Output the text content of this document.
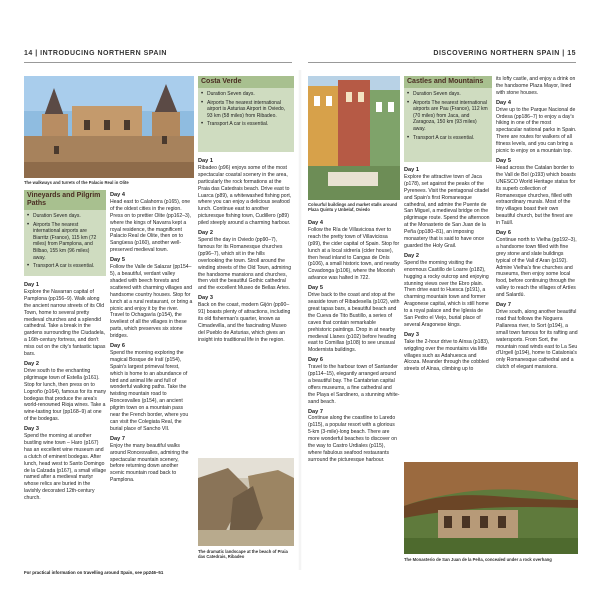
14 | INTRODUCING NORTHERN SPAIN	DISCOVERING NORTHERN SPAIN | 15
The walkways and turrets of the Palacio Real in Olite
Vineyards and Pilgrim Paths
• Duration Seven days.
• Airports The nearest international airports are Biarritz (France), 115 km (72 miles) from Pamplona, and Bilbao, 155 km (96 miles) away.
• Transport A car is essential.
Day 1

Explore the Navarran capital of Pamplona (pp156–9). Walk along the ancient narrow streets of its Old Town, home to several pretty medieval churches and a splendid cathedral. Take a break in the gardens surrounding the Ciudadela, a 16th-century fortress, and don't miss out on the city's fantastic tapas bars.

Day 2

Drive south to the enchanting pilgrimage town of Estella (p161). Stop for lunch, then press on to Logroño (p164), famous for its many bodegas that produce the area's world-renowned Rioja wines. Take a wine-tasting tour (pp168–9) at one of the bodegas.

Day 3

Spend the morning at another bustling wine town – Haro (p167) has an excellent wine museum and a clutch of eminent bodegas. After lunch, head west to Santo Domingo de la Calzada (p167), a small village named after a medieval martyr whose relics are buried in the lavishly decorated 12th-century church.

Day 4

Head east to Calahorra (p165), one of the oldest cities in the region. Press on to prettier Olite (pp162–3), where the kings of Navarra kept a royal residence, the magnificent Palacio Real de Olite, then on to Sangüesa (p160), another well-preserved medieval town.

Day 5

Follow the Valle de Salazar (pp154–5), a beautiful, verdant valley shaded with beech forests and scattered with charming villages and handsome country houses. Stop for lunch at a rural restaurant, or bring a picnic and enjoy it by the river. Travel to Ochagavía (p154), the loveliest of all the villages in these parts, which preserves six stone bridges.

Day 6

Spend the morning exploring the magical Bosque de Iratí (p154), Spain's largest primeval forest, which is home to an abundance of bird and animal life and full of wonderful walking paths. Take the twisting mountain road to Roncesvalles (p154), an ancient pilgrim town on a mountain pass near the French border, where you can visit the Colegiata Real, the burial place of Sancho VII.

Day 7

Enjoy the many beautiful walks around Roncesvalles, admiring the spectacular mountain scenery, before returning down another scenic mountain road back to Pamplona.

Costa Verde
• Duration Seven days.
• Airports The nearest international airport is Asturias Airport in Oviedo, 93 km (58 miles) from Ribadeo.
• Transport A car is essential.
Day 1

Ribadeo (p96) enjoys some of the most spectacular coastal scenery in the area, particularly the rock formations at the Praia das Catedrais beach. Drive east to Luarca (p89), a whitewashed fishing port, where you can enjoy a delicious seafood lunch. Continue east to another picturesque fishing town, Cudillero (p89) piled steeply around a charming harbour.

Day 2

Spend the day in Oviedo (pp90–7), famous for its Romanesque churches (pp96–7), which sit in the hills overlooking the town. Stroll around the winding streets of the Old Town, admiring the handsome mansions and churches, then visit the beautiful Gothic cathedral and the excellent Museo de Bellas Artes.

Day 3

Back on the coast, modern Gijón (pp90–91) boasts plenty of attractions, including its old fisherman's quarter, known as Cimadevilla, and the fascinating Museo del Pueblo de Asturias, which gives an insight into traditional life in the region.

The dramatic landscape at the beach of Praia das Catedrais, Ribadeo
For practical information on travelling around Spain, see pp246–51
Colourful buildings and market stalls around Plaza Quintu y Unbelaf, Oviedo
Day 4

Follow the Ría de Villaviciosa river to reach the pretty town of Villaviciosa (p99), the cider capital of Spain. Stop for lunch at a local sidrería (cider house), then head inland to Cangas de Onís (p106), a small historic town, and nearby Covadonga (p106), where the Moorish advance was halted in 722.

Day 5

Drive back to the coast and stop at the seaside town of Ribadesella (p102), with great tapas bars, a beautiful beach and the Cueva de Tito Bustillo, a series of caves that contain remarkable prehistoric paintings. Drop in at nearby medieval Llanes (p102) before heading east to Comillas (p108) to see unusual Modernista buildings.

Day 6

Travel to the harbour town of Santander (pp114–15), elegantly arranged around a beautiful bay. The Cantabrian capital offers museums, a fine cathedral and the Playa el Sardinero, a stunning white-sand beach.

Day 7

Continue along the coastline to Laredo (p115), a popular resort with a glorious 5-km (3-mile)-long beach. There are more wonderful beaches to discover on the way to Castro Urdiales (p115), where fabulous seafood restaurants surround the picturesque harbour.

Castles and Mountains
• Duration Seven days.
• Airports The nearest international airports are Pau (France), 112 km (70 miles) from Jaca, and Zaragoza, 150 km (93 miles) away.
• Transport A car is essential.
Day 1

Explore the attractive town of Jaca (p178), set against the peaks of the Pyrenees. Visit the pentagonal citadel and Spain's first Romanesque cathedral, and admire the Puente de San Miguel, a medieval bridge on the pilgrimage route. Spend the afternoon at the Monasterio de San Juan de la Peña (pp180–81), an imposing monastery that is said to have once guarded the Holy Grail.

Day 2

Spend the morning visiting the enormous Castillo de Loarre (p182), hugging a rocky outcrop and enjoying stunning views over the Ebro plain. Then drive east to Huesca (p191), a charming mountain town and former Aragonese capital, which is still home to a royal palace and the Iglesia de San Pedro el Viejo, burial place of several Aragonese kings.

Day 3

Take the 2-hour drive to Aínsa (p183), wriggling over the mountains via little villages such as Adahuesca and Alcoza. Meander through the cobbled streets of Aínsa, climbing up to

its lofty castle, and enjoy a drink on the handsome Plaza Mayor, lined with stone houses.

Day 4

Drive up to the Parque Nacional de Ordesa (pp186–7) to enjoy a day's hiking in one of the most spectacular national parks in Spain. There are routes for walkers of all fitness levels, and you can bring a picnic to enjoy on a mountain top.

Day 5

Head across the Catalan border to the Vall de Boí (p193) which boasts UNESCO World Heritage status for its superb collection of Romanesque churches, filled with extraordinary murals. Most of the tiny villages boast their own beautiful church, but the finest are in Taüll.

Day 6

Continue north to Vielha (pp192–3), a handsome town filled with fine grey stone and slate buildings typical of the Vall d'Aran (p192). Admire Vielha's fine churches and museums, then enjoy some local food, before continuing through the valley to reach the villages of Artíes and Salardú.

Day 7

Drive south, along another beautiful road that follows the Noguera Pallaresa river, to Sort (p194), a small town famous for its rafting and watersports. From Sort, the mountain road winds east to La Seu d'Urgell (p194), home to Catalonia's only Romanesque cathedral and a clutch of elegant mansions.

The Monasterio de San Juan de la Peña, concealed under a rock overhang
